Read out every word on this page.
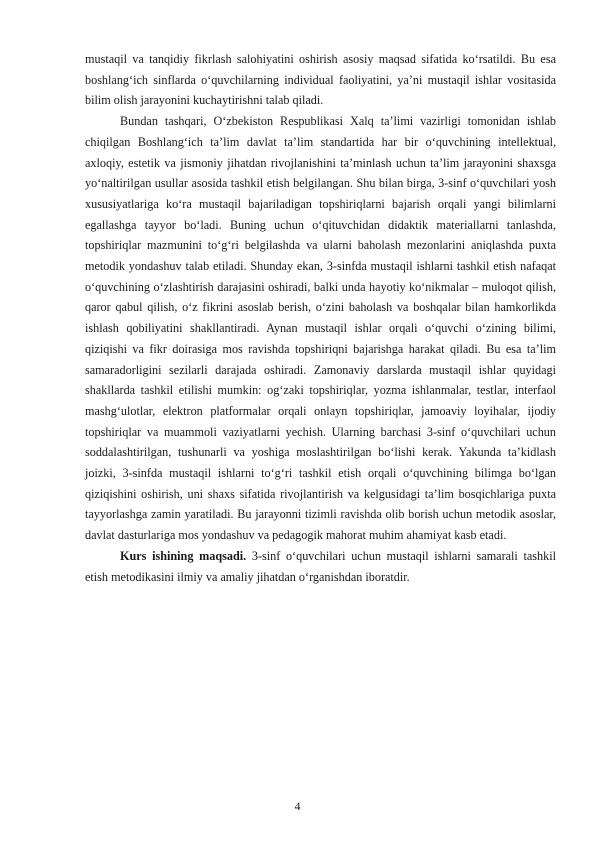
mustaqil va tanqidiy fikrlash salohiyatini oshirish asosiy maqsad sifatida ko‘rsatildi. Bu esa boshlang‘ich sinflarda o‘quvchilarning individual faoliyatini, ya’ni mustaqil ishlar vositasida bilim olish jarayonini kuchaytirishni talab qiladi.

Bundan tashqari, O‘zbekiston Respublikasi Xalq ta’limi vazirligi tomonidan ishlab chiqilgan Boshlang‘ich ta’lim davlat ta’lim standartida har bir o‘quvchining intellektual, axloqiy, estetik va jismoniy jihatdan rivojlanishini ta’minlash uchun ta’lim jarayonini shaxsga yo‘naltirilgan usullar asosida tashkil etish belgilangan. Shu bilan birga, 3-sinf o‘quvchilari yosh xususiyatlariga ko‘ra mustaqil bajariladigan topshiriqlarni bajarish orqali yangi bilimlarni egallashga tayyor bo‘ladi. Buning uchun o‘qituvchidan didaktik materiallarni tanlashda, topshiriqlar mazmunini to‘g‘ri belgilashda va ularni baholash mezonlarini aniqlashda puxta metodik yondashuv talab etiladi. Shunday ekan, 3-sinfda mustaqil ishlarni tashkil etish nafaqat o‘quvchining o‘zlashtirish darajasini oshiradi, balki unda hayotiy ko‘nikmalar – muloqot qilish, qaror qabul qilish, o‘z fikrini asoslab berish, o‘zini baholash va boshqalar bilan hamkorlikda ishlash qobiliyatini shakllantiradi. Aynan mustaqil ishlar orqali o‘quvchi o‘zining bilimi, qiziqishi va fikr doirasiga mos ravishda topshiriqni bajarishga harakat qiladi. Bu esa ta’lim samaradorligini sezilarli darajada oshiradi. Zamonaviy darslarda mustaqil ishlar quyidagi shakllarda tashkil etilishi mumkin: og‘zaki topshiriqlar, yozma ishlanmalar, testlar, interfaol mashg‘ulotlar, elektron platformalar orqali onlayn topshiriqlar, jamoaviy loyihalar, ijodiy topshiriqlar va muammoli vaziyatlarni yechish. Ularning barchasi 3-sinf o‘quvchilari uchun soddalashtirilgan, tushunarli va yoshiga moslashtirilgan bo‘lishi kerak. Yakunda ta’kidlash joizki, 3-sinfda mustaqil ishlarni to‘g‘ri tashkil etish orqali o‘quvchining bilimga bo‘lgan qiziqishini oshirish, uni shaxs sifatida rivojlantirish va kelgusidagi ta’lim bosqichlariga puxta tayyorlashga zamin yaratiladi. Bu jarayonni tizimli ravishda olib borish uchun metodik asoslar, davlat dasturlariga mos yondashuv va pedagogik mahorat muhim ahamiyat kasb etadi.

Kurs ishining maqsadi. 3-sinf o‘quvchilari uchun mustaqil ishlarni samarali tashkil etish metodikasini ilmiy va amaliy jihatdan o‘rganishdan iboratdir.

4
